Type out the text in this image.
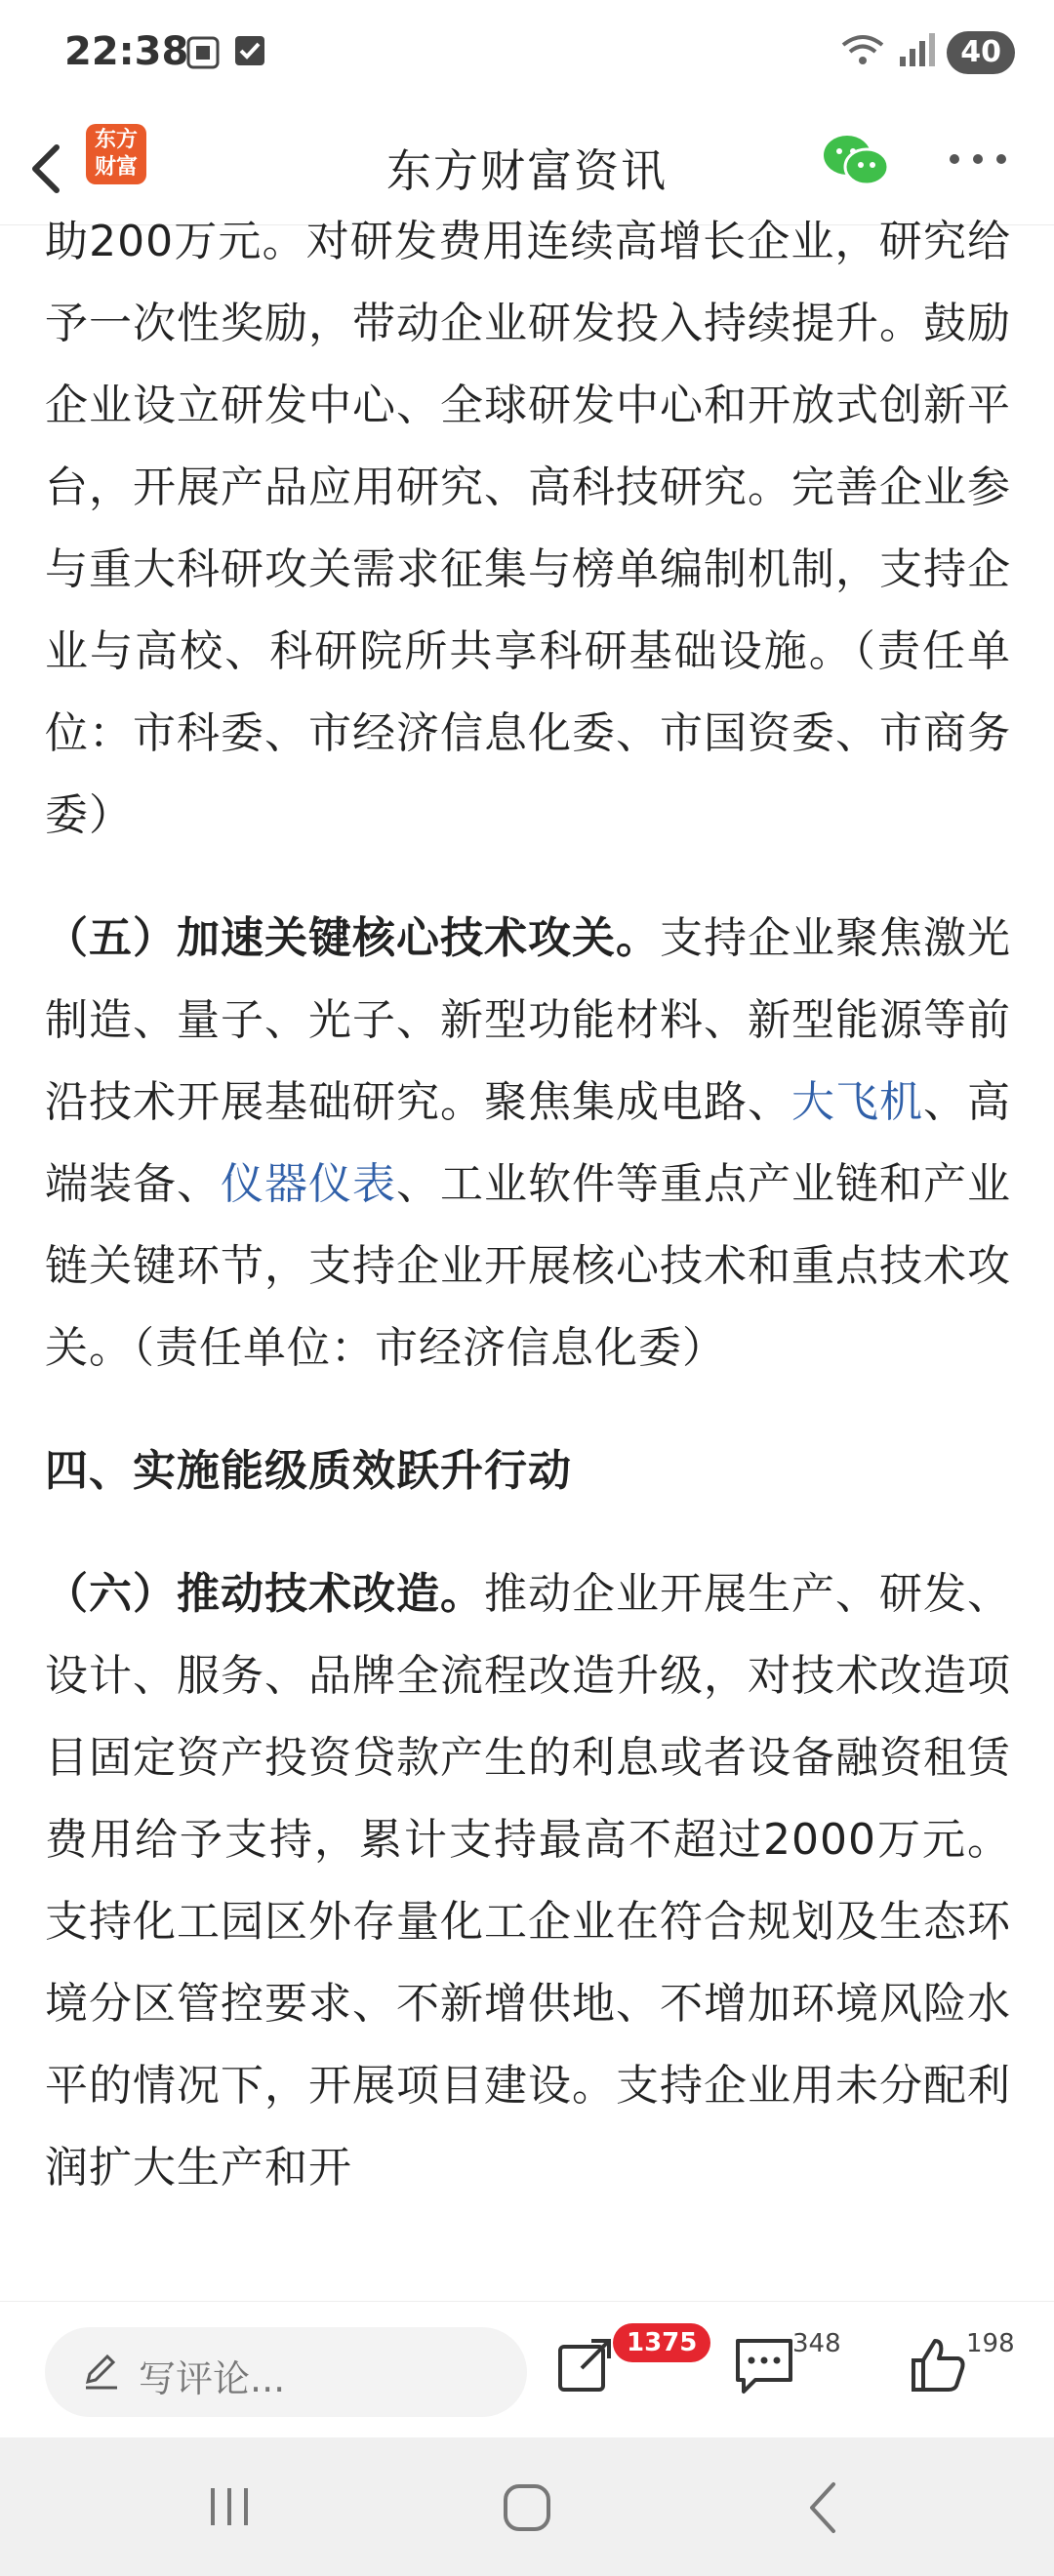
22:38	40
东方
财富	东方财富资讯

助200万元。对研发费用连续高增长企业，研究给予一次性奖励，带动企业研发投入持续提升。鼓励企业设立研发中心、全球研发中心和开放式创新平台，开展产品应用研究、高科技研究。完善企业参与重大科研攻关需求征集与榜单编制机制，支持企业与高校、科研院所共享科研基础设施。（责任单位：市科委、市经济信息化委、市国资委、市商务委）

（五）加速关键核心技术攻关。支持企业聚焦激光制造、量子、光子、新型功能材料、新型能源等前沿技术开展基础研究。聚焦集成电路、大飞机、高端装备、仪器仪表、工业软件等重点产业链和产业链关键环节，支持企业开展核心技术和重点技术攻关。（责任单位：市经济信息化委）

四、实施能级质效跃升行动

（六）推动技术改造。推动企业开展生产、研发、设计、服务、品牌全流程改造升级，对技术改造项目固定资产投资贷款产生的利息或者设备融资租赁费用给予支持，累计支持最高不超过2000万元。支持化工园区外存量化工企业在符合规划及生态环境分区管控要求、不新增供地、不增加环境风险水平的情况下，开展项目建设。支持企业用未分配利润扩大生产和开

写评论...
1375	348	198
